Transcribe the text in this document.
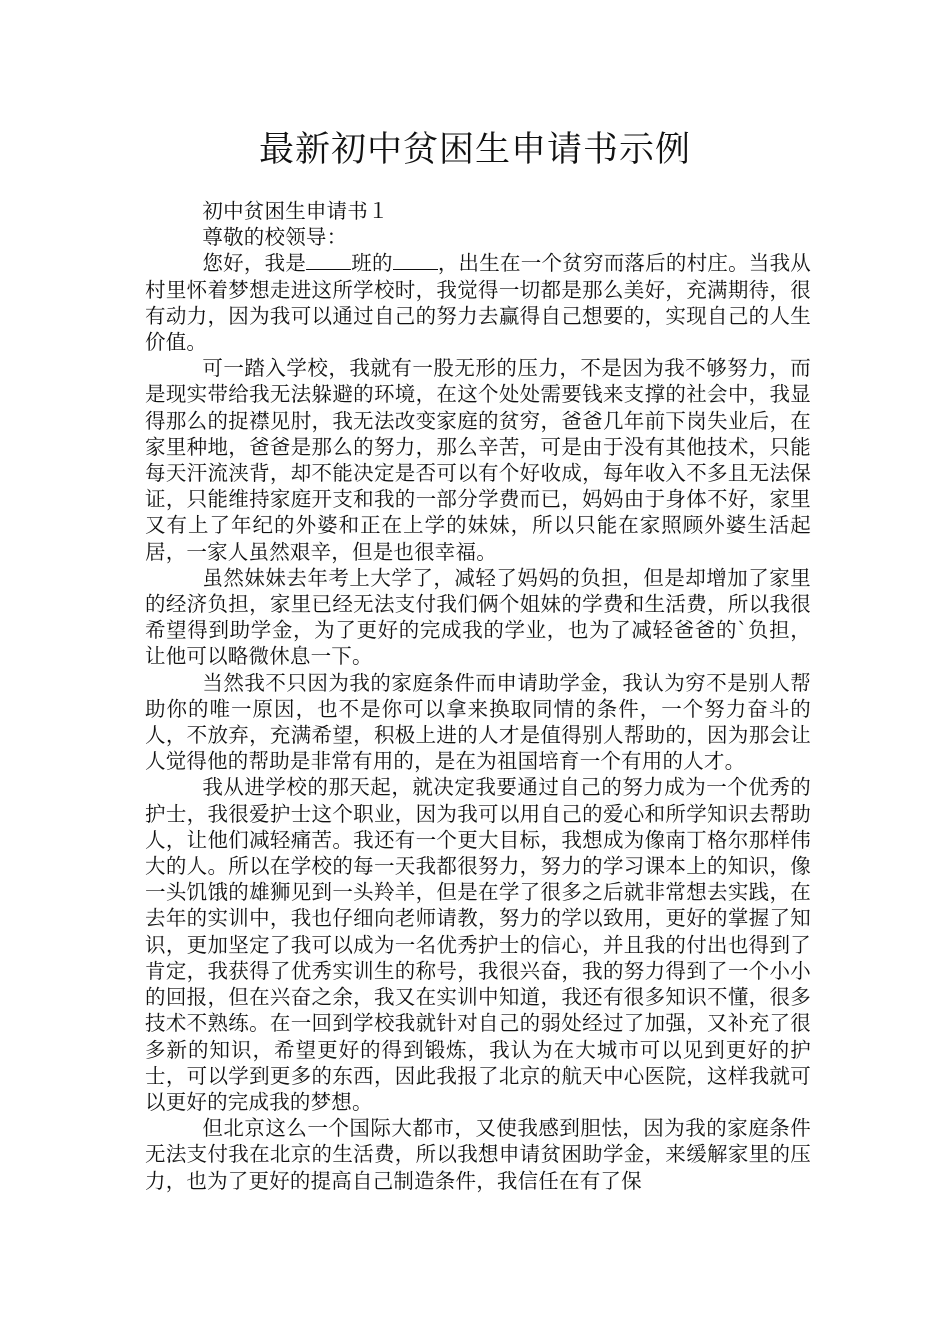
最新初中贫困生申请书示例

初中贫困生申请书１

尊敬的校领导：

您好，我是 班的 ，出生在一个贫穷而落后的村庄。当我从村里怀着梦想走进这所学校时，我觉得一切都是那么美好，充满期待，很有动力，因为我可以通过自己的努力去赢得自己想要的，实现自己的人生价值。

可一踏入学校，我就有一股无形的压力，不是因为我不够努力，而是现实带给我无法躲避的环境，在这个处处需要钱来支撑的社会中，我显得那么的捉襟见肘，我无法改变家庭的贫穷，爸爸几年前下岗失业后，在家里种地，爸爸是那么的努力，那么辛苦，可是由于没有其他技术，只能每天汗流浃背，却不能决定是否可以有个好收成，每年收入不多且无法保证，只能维持家庭开支和我的一部分学费而已，妈妈由于身体不好，家里又有上了年纪的外婆和正在上学的妹妹，所以只能在家照顾外婆生活起居，一家人虽然艰辛，但是也很幸福。

虽然妹妹去年考上大学了，减轻了妈妈的负担，但是却增加了家里的经济负担，家里已经无法支付我们俩个姐妹的学费和生活费，所以我很希望得到助学金，为了更好的完成我的学业，也为了减轻爸爸的`负担，让他可以略微休息一下。

当然我不只因为我的家庭条件而申请助学金，我认为穷不是别人帮助你的唯一原因，也不是你可以拿来换取同情的条件，一个努力奋斗的人，不放弃，充满希望，积极上进的人才是值得别人帮助的，因为那会让人觉得他的帮助是非常有用的，是在为祖国培育一个有用的人才。

我从进学校的那天起，就决定我要通过自己的努力成为一个优秀的护士，我很爱护士这个职业，因为我可以用自己的爱心和所学知识去帮助人，让他们减轻痛苦。我还有一个更大目标，我想成为像南丁格尔那样伟大的人。所以在学校的每一天我都很努力，努力的学习课本上的知识，像一头饥饿的雄狮见到一头羚羊，但是在学了很多之后就非常想去实践，在去年的实训中，我也仔细向老师请教，努力的学以致用，更好的掌握了知识，更加坚定了我可以成为一名优秀护士的信心，并且我的付出也得到了肯定，我获得了优秀实训生的称号，我很兴奋，我的努力得到了一个小小的回报，但在兴奋之余，我又在实训中知道，我还有很多知识不懂，很多技术不熟练。在一回到学校我就针对自己的弱处经过了加强，又补充了很多新的知识，希望更好的得到锻炼，我认为在大城市可以见到更好的护士，可以学到更多的东西，因此我报了北京的航天中心医院，这样我就可以更好的完成我的梦想。

但北京这么一个国际大都市，又使我感到胆怯，因为我的家庭条件无法支付我在北京的生活费，所以我想申请贫困助学金，来缓解家里的压力，也为了更好的提高自己制造条件，我信任在有了保
